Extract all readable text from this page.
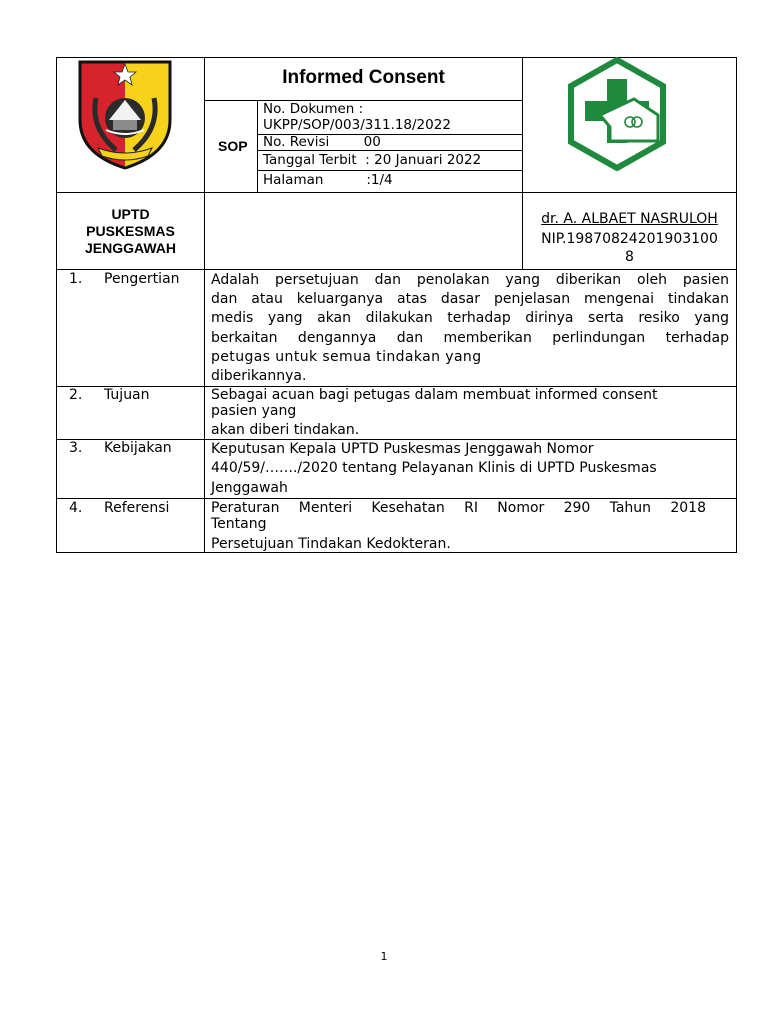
Informed Consent
SOP
No. Dokumen :
UKPP/SOP/003/311.18/2022
No. Revisi        00
Tanggal Terbit  : 20 Januari 2022
Halaman          :1/4
UPTD
PUSKESMAS
JENGGAWAH
dr. A. ALBAET NASRULOH
NIP.19870824201903100
8
1. Pengertian Adalah persetujuan dan penolakan yang diberikan oleh pasien
dan atau keluarganya atas dasar penjelasan mengenai tindakan
medis yang akan dilakukan terhadap dirinya serta resiko yang
berkaitan dengannya dan memberikan perlindungan terhadap
petugas untuk semua tindakan yang
diberikannya.
2. Tujuan	Sebagai acuan bagi petugas dalam membuat informed consent
pasien yang
akan diberi tindakan.
3. Kebijakan	Keputusan Kepala UPTD Puskesmas Jenggawah Nomor
440/59/……./2020 tentang Pelayanan Klinis di UPTD Puskesmas
Jenggawah
4. Referensi	Peraturan Menteri Kesehatan RI Nomor 290 Tahun 2018
Tentang
Persetujuan Tindakan Kedokteran.
1
